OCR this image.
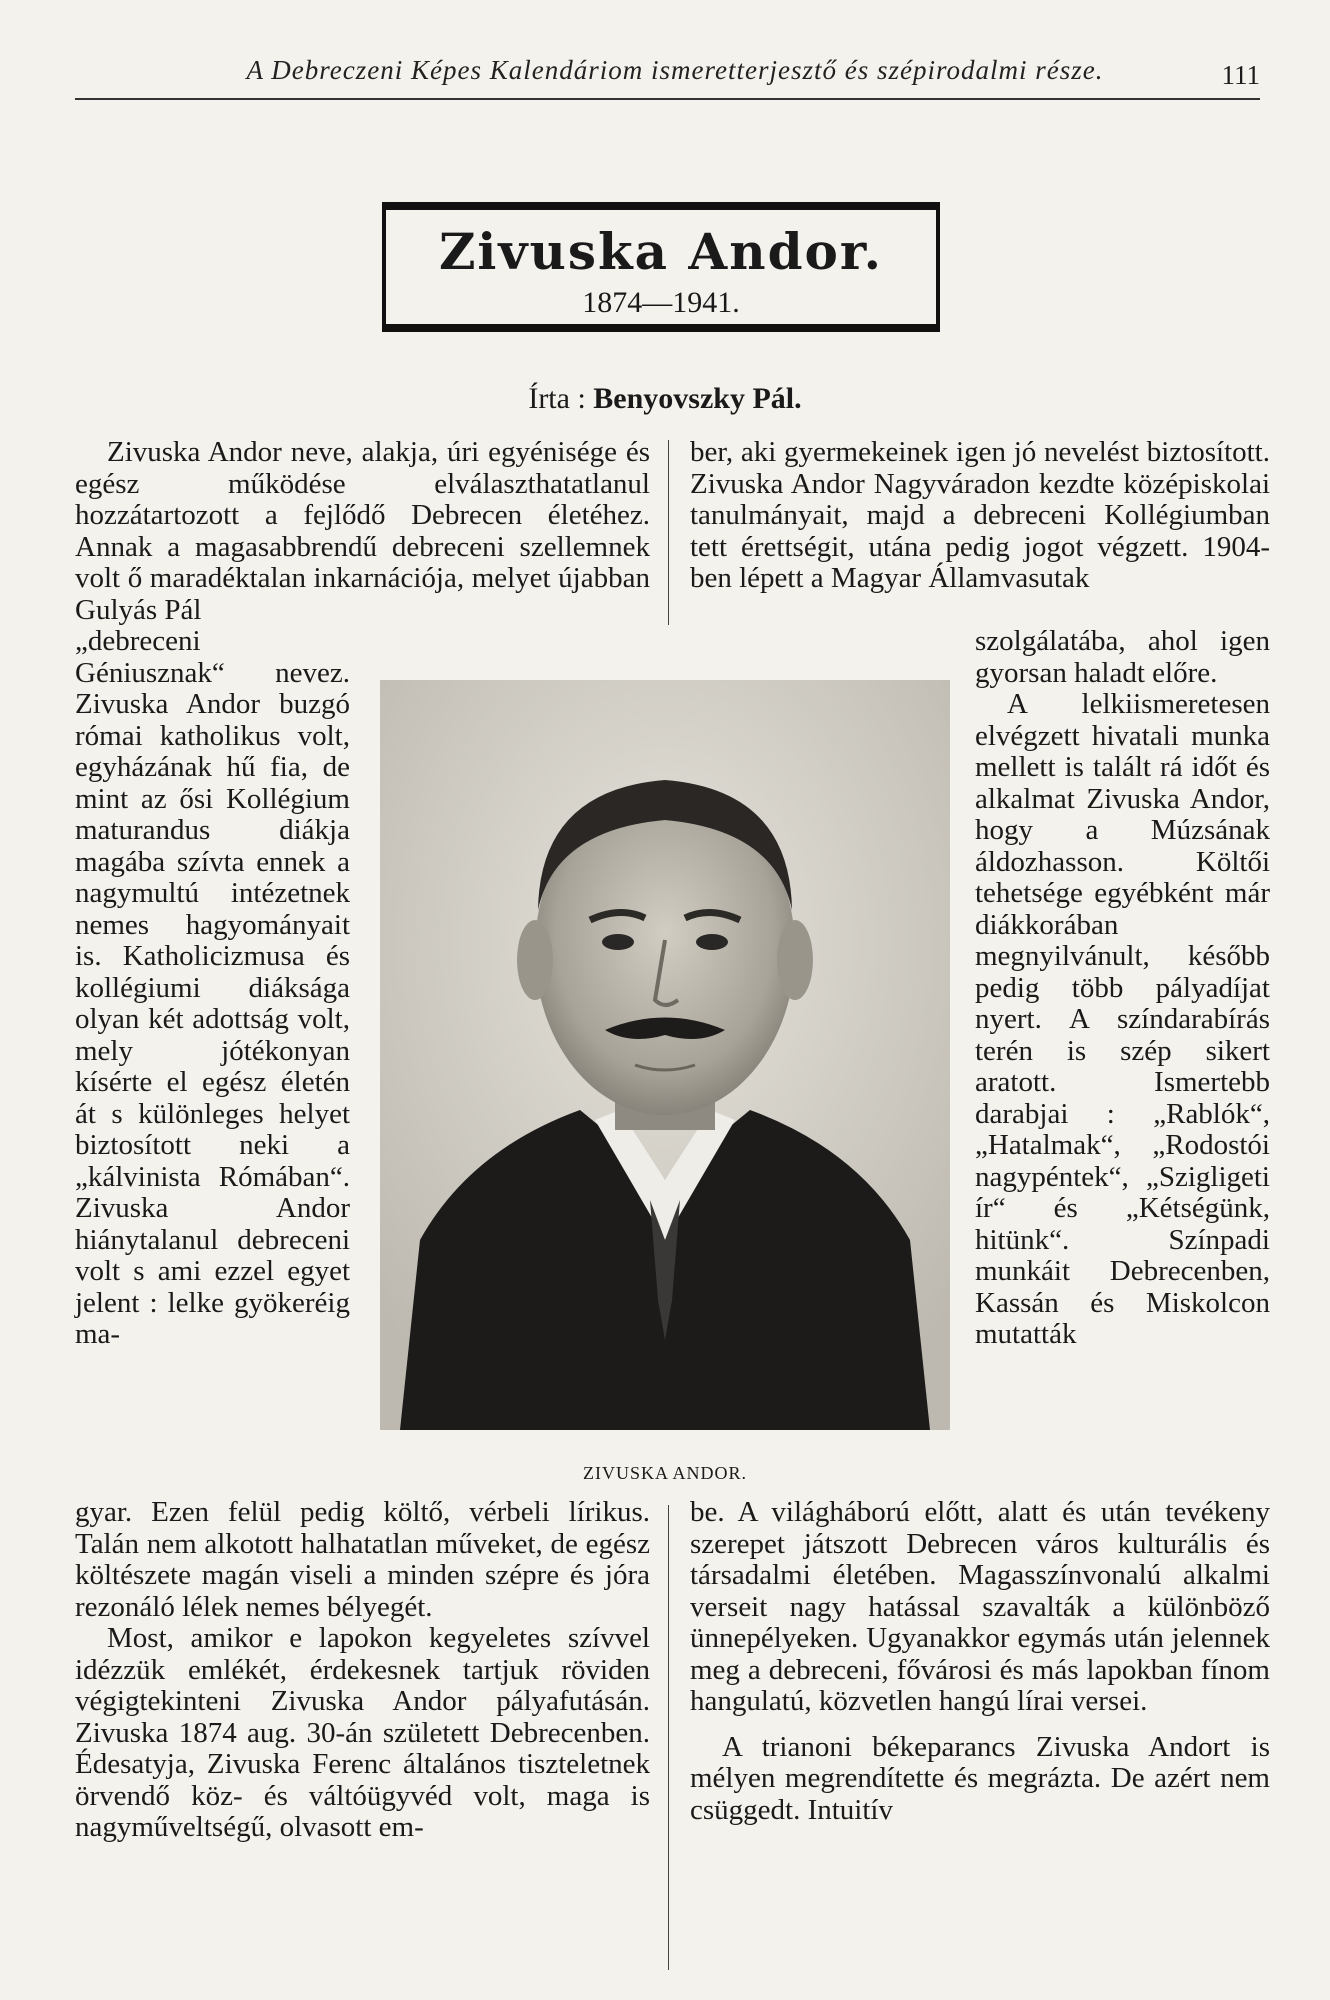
A Debreczeni Képes Kalendáriom ismeretterjesztő és szépirodalmi része.	111
Zivuska Andor.
1874—1941.
Írta : Benyovszky Pál.

Zivuska Andor neve, alakja, úri egyénisége és egész működése elválaszthatatlanul hozzátartozott a fejlődő Debrecen életéhez. Annak a magasabbrendű debreceni szellemnek volt ő maradéktalan inkarnációja, melyet újabban Gulyás Pál

ber, aki gyermekeinek igen jó nevelést biztosított. Zivuska Andor Nagyváradon kezdte középiskolai tanulmányait, majd a debreceni Kollégiumban tett érettségit, utána pedig jogot végzett. 1904-ben lépett a Magyar Államvasutak

„debreceni Géniusznak“ nevez. Zivuska Andor buzgó római katholikus volt, egyházának hű fia, de mint az ősi Kollégium maturandus diákja magába szívta ennek a nagymultú intézetnek nemes hagyományait is. Katholicizmusa és kollégiumi diáksága olyan két adottság volt, mely jótékonyan kísérte el egész életén át s különleges helyet biztosított neki a „kálvinista Rómában“. Zivuska Andor hiánytalanul debreceni volt s ami ezzel egyet jelent : lelke gyökeréig ma-

ZIVUSKA ANDOR.

szolgálatába, ahol igen gyorsan haladt előre.

A lelkiismeretesen elvégzett hivatali munka mellett is talált rá időt és alkalmat Zivuska Andor, hogy a Múzsának áldozhasson. Költői tehetsége egyébként már diákkorában megnyilvánult, később pedig több pályadíjat nyert. A színdarabírás terén is szép sikert aratott. Ismertebb darabjai : „Rablók“, „Hatalmak“, „Rodostói nagypéntek“, „Szigligeti ír“ és „Kétségünk, hitünk“. Színpadi munkáit Debrecenben, Kassán és Miskolcon mutatták

gyar. Ezen felül pedig költő, vérbeli lírikus. Talán nem alkotott halhatatlan műveket, de egész költészete magán viseli a minden szépre és jóra rezonáló lélek nemes bélyegét.

Most, amikor e lapokon kegyeletes szívvel idézzük emlékét, érdekesnek tartjuk röviden végigtekinteni Zivuska Andor pályafutásán. Zivuska 1874 aug. 30-án született Debrecenben. Édesatyja, Zivuska Ferenc általános tiszteletnek örvendő köz- és váltóügyvéd volt, maga is nagyműveltségű, olvasott em-

be. A világháború előtt, alatt és után tevékeny szerepet játszott Debrecen város kulturális és társadalmi életében. Magasszínvonalú alkalmi verseit nagy hatással szavalták a különböző ünnepélyeken. Ugyanakkor egymás után jelennek meg a debreceni, fővárosi és más lapokban fínom hangulatú, közvetlen hangú lírai versei.

A trianoni békeparancs Zivuska Andort is mélyen megrendítette és megrázta. De azért nem csüggedt. Intuitív
